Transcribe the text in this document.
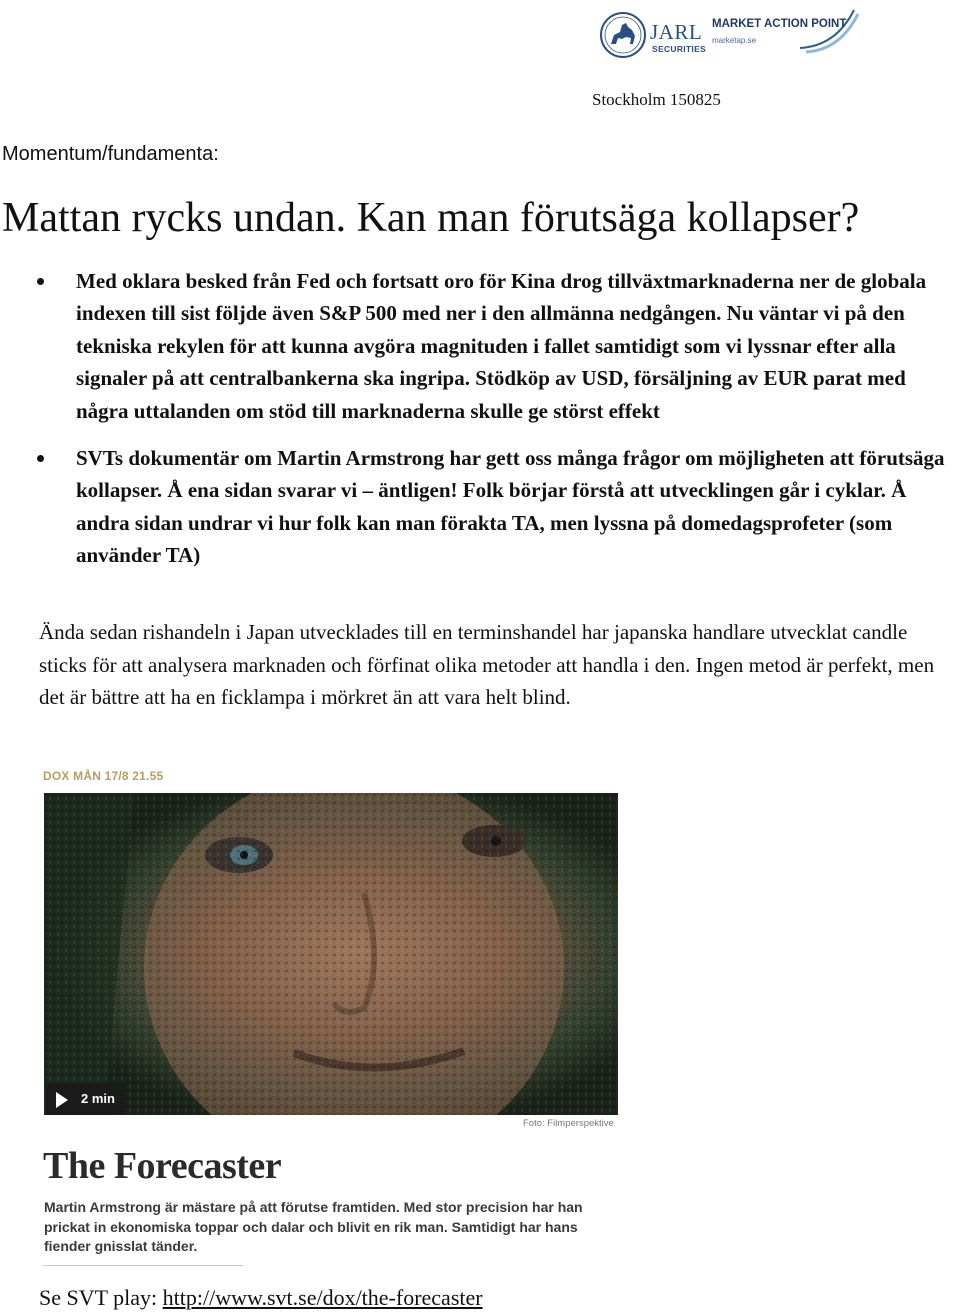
JARL
SECURITIES
MARKET ACTION POINT
marketap.se
Stockholm 150825
Momentum/fundamenta:
Mattan rycks undan. Kan man förutsäga kollapser?
Med oklara besked från Fed och fortsatt oro för Kina drog tillväxtmarknaderna ner de globala indexen till sist följde även S&P 500 med ner i den allmänna nedgången. Nu väntar vi på den tekniska rekylen för att kunna avgöra magnituden i fallet samtidigt som vi lyssnar efter alla signaler på att centralbankerna ska ingripa. Stödköp av USD, försäljning av EUR parat med några uttalanden om stöd till marknaderna skulle ge störst effekt
SVTs dokumentär om Martin Armstrong har gett oss många frågor om möjligheten att förutsäga kollapser. Å ena sidan svarar vi – äntligen! Folk börjar förstå att utvecklingen går i cyklar. Å andra sidan undrar vi hur folk kan man förakta TA, men lyssna på domedagsprofeter (som använder TA)

Ända sedan rishandeln i Japan utvecklades till en terminshandel har japanska handlare utvecklat candle sticks för att analysera marknaden och förfinat olika metoder att handla i den. Ingen metod är perfekt, men det är bättre att ha en ficklampa i mörkret än att vara helt blind.

DOX MÅN 17/8 21.55
2 min
Foto: Filmperspektive
The Forecaster
Martin Armstrong är mästare på att förutse framtiden. Med stor precision har han prickat in ekonomiska toppar och dalar och blivit en rik man. Samtidigt har hans fiender gnisslat tänder.
Se SVT play: http://www.svt.se/dox/the-forecaster
